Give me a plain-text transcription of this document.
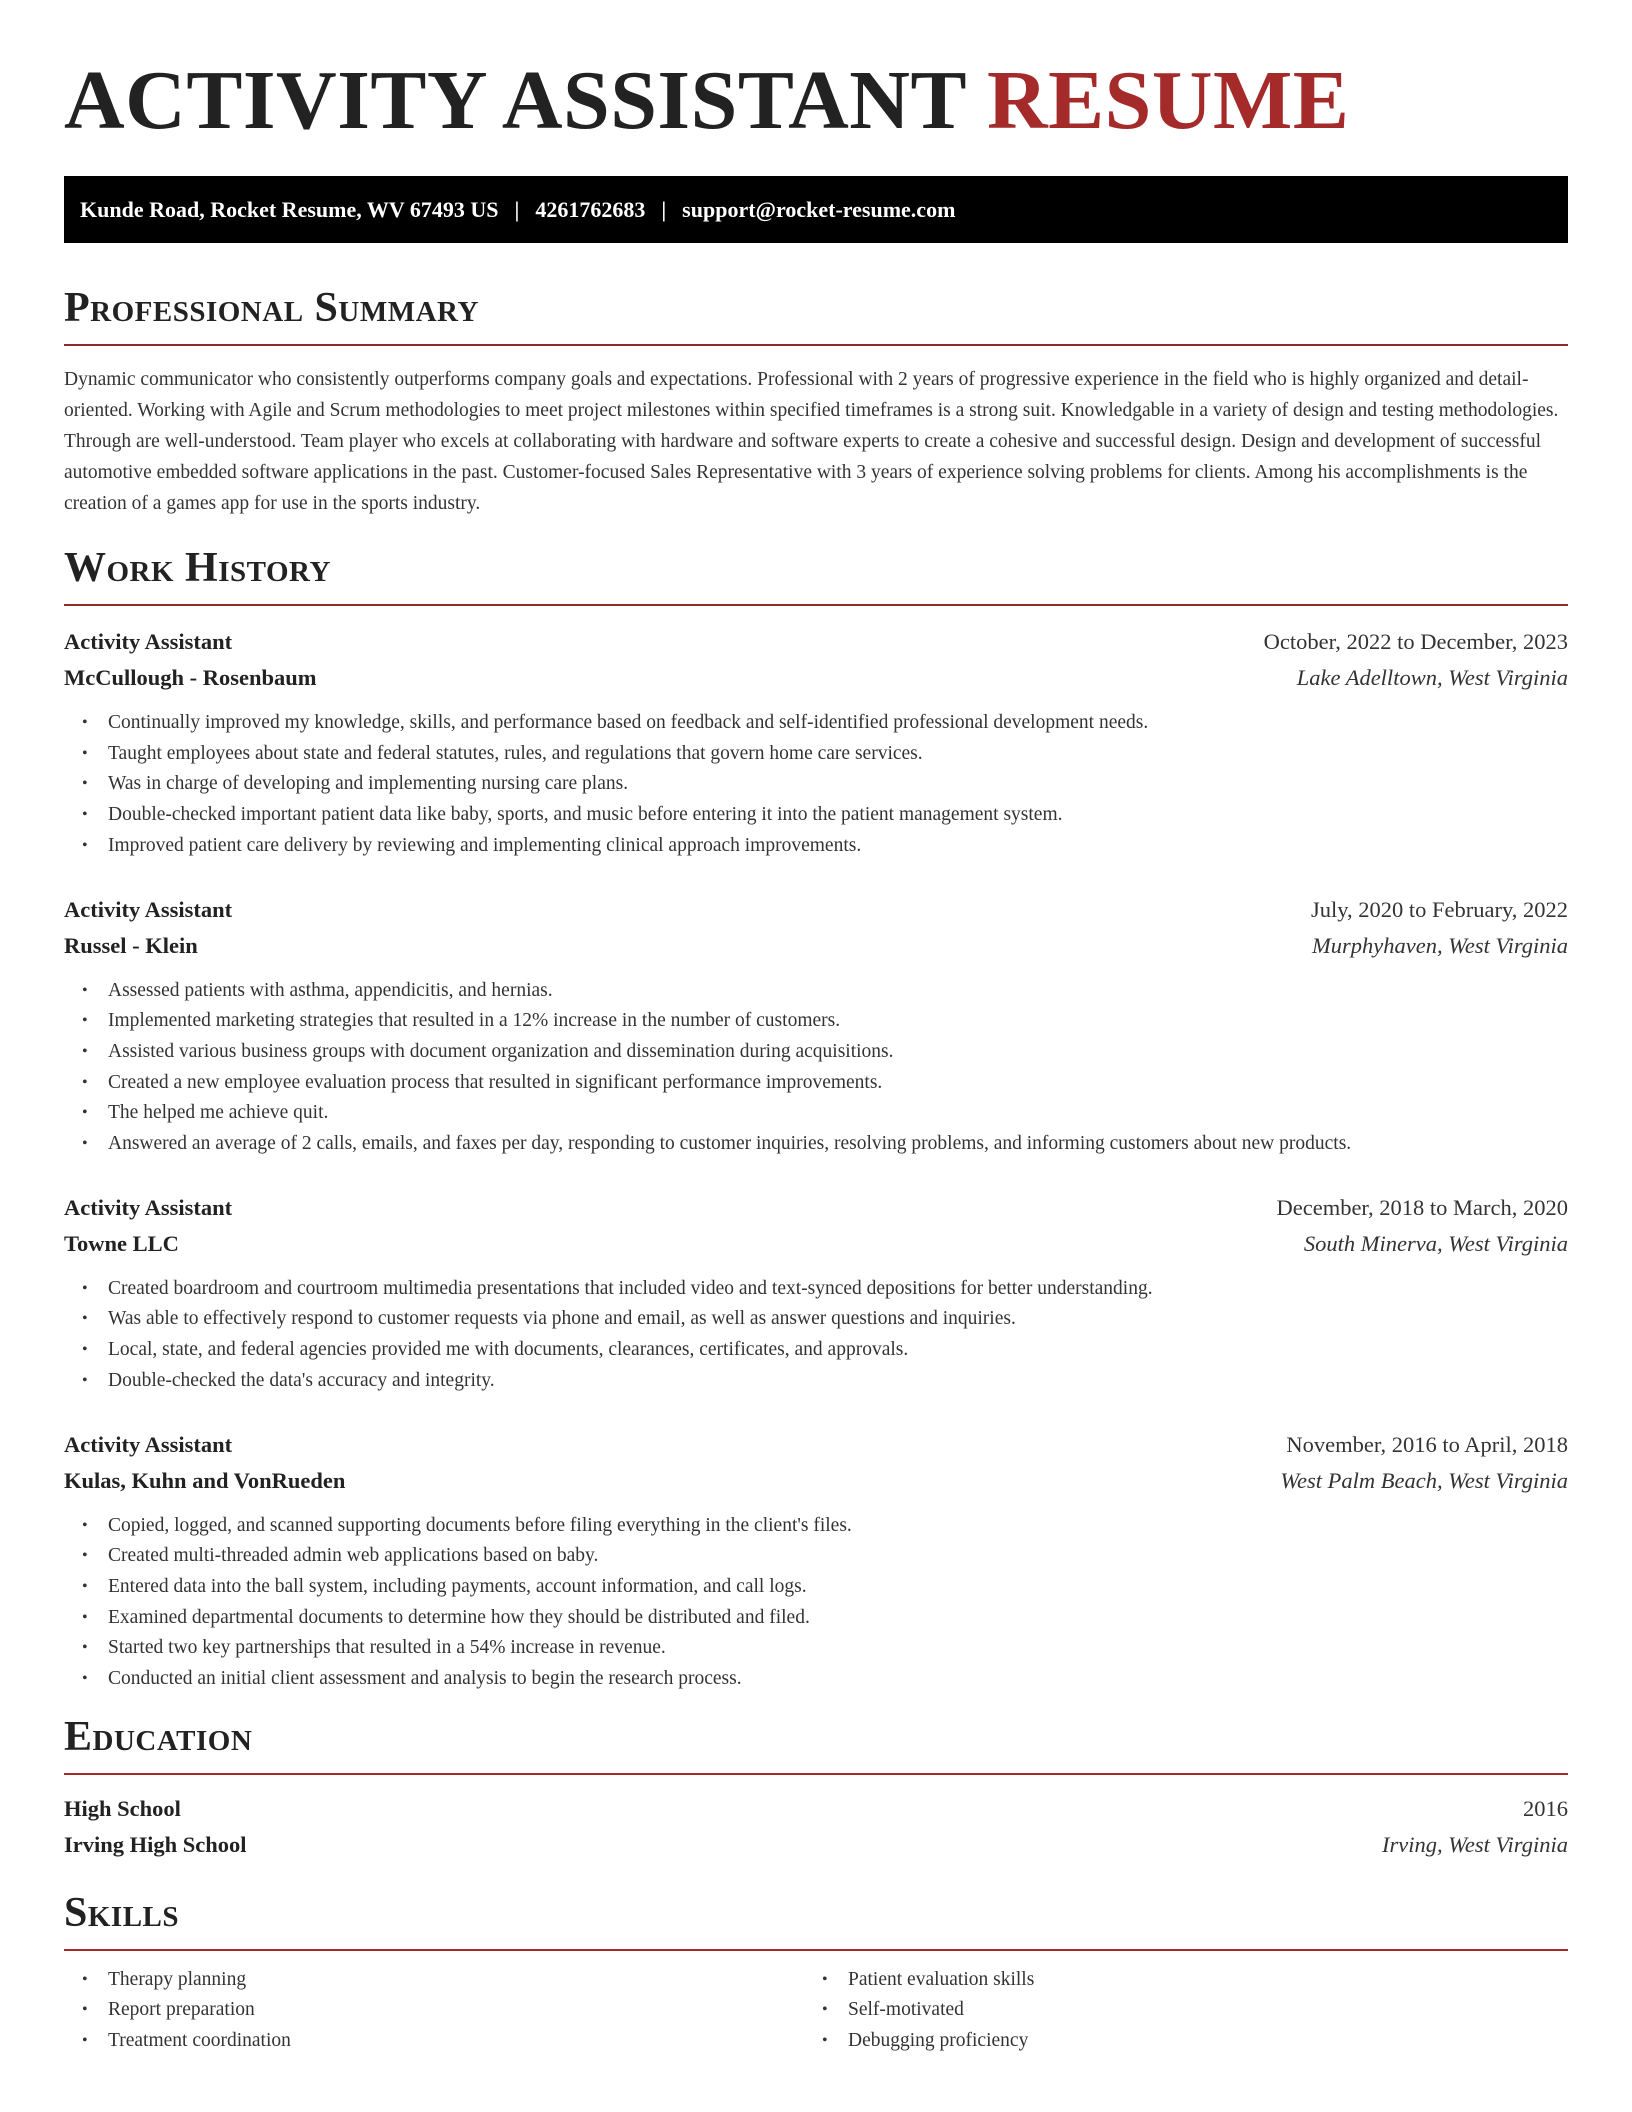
ACTIVITY ASSISTANT RESUME
Kunde Road, Rocket Resume, WV 67493 US | 4261762683 | support@rocket-resume.com
Professional Summary

Dynamic communicator who consistently outperforms company goals and expectations. Professional with 2 years of progressive experience in the field who is highly organized and detail-oriented. Working with Agile and Scrum methodologies to meet project milestones within specified timeframes is a strong suit. Knowledgable in a variety of design and testing methodologies. Through are well-understood. Team player who excels at collaborating with hardware and software experts to create a cohesive and successful design. Design and development of successful automotive embedded software applications in the past. Customer-focused Sales Representative with 3 years of experience solving problems for clients. Among his accomplishments is the creation of a games app for use in the sports industry.

Work History
Activity Assistant	October, 2022 to December, 2023
McCullough - Rosenbaum	Lake Adelltown, West Virginia
• Continually improved my knowledge, skills, and performance based on feedback and self-identified professional development needs.
• Taught employees about state and federal statutes, rules, and regulations that govern home care services.
• Was in charge of developing and implementing nursing care plans.
• Double-checked important patient data like baby, sports, and music before entering it into the patient management system.
• Improved patient care delivery by reviewing and implementing clinical approach improvements.
Activity Assistant	July, 2020 to February, 2022
Russel - Klein	Murphyhaven, West Virginia
• Assessed patients with asthma, appendicitis, and hernias.
• Implemented marketing strategies that resulted in a 12% increase in the number of customers.
• Assisted various business groups with document organization and dissemination during acquisitions.
• Created a new employee evaluation process that resulted in significant performance improvements.
• The helped me achieve quit.
• Answered an average of 2 calls, emails, and faxes per day, responding to customer inquiries, resolving problems, and informing customers about new products.
Activity Assistant	December, 2018 to March, 2020
Towne LLC	South Minerva, West Virginia
• Created boardroom and courtroom multimedia presentations that included video and text-synced depositions for better understanding.
• Was able to effectively respond to customer requests via phone and email, as well as answer questions and inquiries.
• Local, state, and federal agencies provided me with documents, clearances, certificates, and approvals.
• Double-checked the data's accuracy and integrity.
Activity Assistant	November, 2016 to April, 2018
Kulas, Kuhn and VonRueden	West Palm Beach, West Virginia
• Copied, logged, and scanned supporting documents before filing everything in the client's files.
• Created multi-threaded admin web applications based on baby.
• Entered data into the ball system, including payments, account information, and call logs.
• Examined departmental documents to determine how they should be distributed and filed.
• Started two key partnerships that resulted in a 54% increase in revenue.
• Conducted an initial client assessment and analysis to begin the research process.
Education
High School	2016
Irving High School	Irving, West Virginia
Skills
• Therapy planning
• Report preparation
• Treatment coordination
• Patient evaluation skills
• Self-motivated
• Debugging proficiency
